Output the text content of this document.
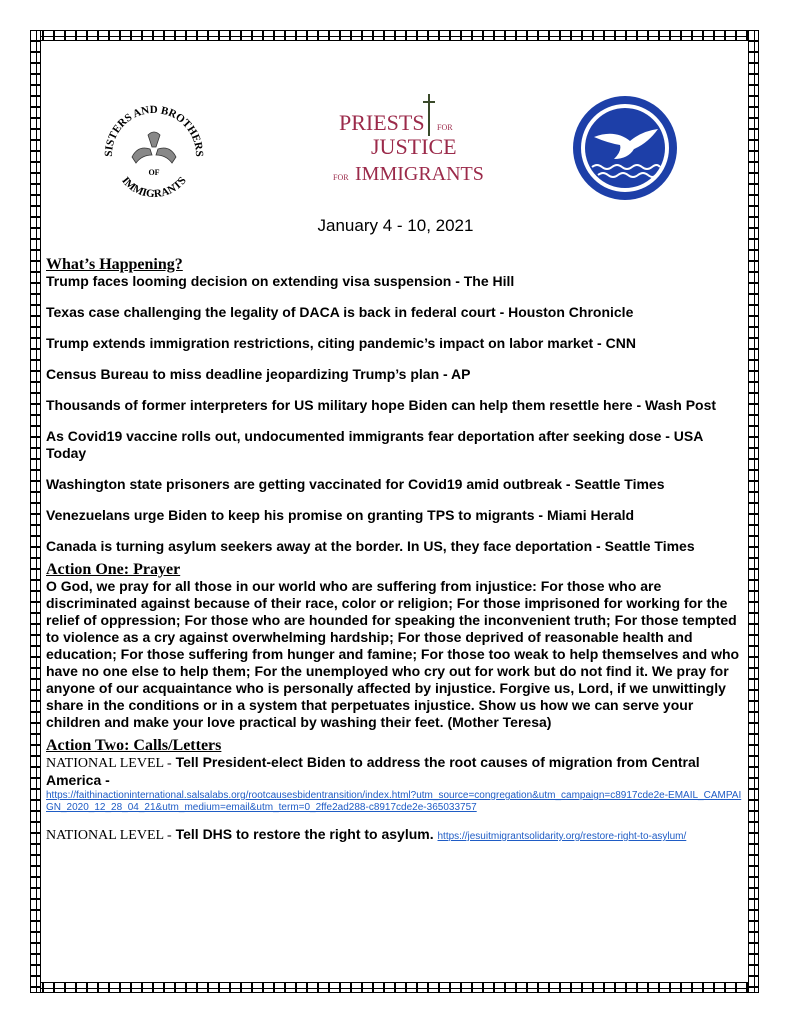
SISTERS AND BROTHERS
IMMIGRANTS
OF
PRIESTS FOR
JUSTICE
FOR IMMIGRANTS
January 4 - 10, 2021
What’s Happening?

Trump faces looming decision on extending visa suspension - The Hill

Texas case challenging the legality of DACA is back in federal court - Houston Chronicle

Trump extends immigration restrictions, citing pandemic’s impact on labor market - CNN

Census Bureau to miss deadline jeopardizing Trump’s plan - AP

Thousands of former interpreters for US military hope Biden can help them resettle here - Wash Post

As Covid19 vaccine rolls out, undocumented immigrants fear deportation after seeking dose - USA Today

Washington state prisoners are getting vaccinated for Covid19 amid outbreak - Seattle Times

Venezuelans urge Biden to keep his promise on granting TPS to migrants - Miami Herald

Canada is turning asylum seekers away at the border. In US, they face deportation - Seattle Times

Action One: Prayer

O God, we pray for all those in our world who are suffering from injustice: For those who are discriminated against because of their race, color or religion; For those imprisoned for working for the relief of oppression; For those who are hounded for speaking the inconvenient truth; For those tempted to violence as a cry against overwhelming hardship; For those deprived of reasonable health and education; For those suffering from hunger and famine; For those too weak to help themselves and who have no one else to help them; For the unemployed who cry out for work but do not find it. We pray for anyone of our acquaintance who is personally affected by injustice. Forgive us, Lord, if we unwittingly share in the conditions or in a system that perpetuates injustice. Show us how we can serve your children and make your love practical by washing their feet. (Mother Teresa)

Action Two: Calls/Letters

NATIONAL LEVEL - Tell President-elect Biden to address the root causes of migration from Central America -
https://faithinactioninternational.salsalabs.org/rootcausesbidentransition/index.html?utm_source=congregation&utm_campaign=c8917cde2e-EMAIL_CAMPAIGN_2020_12_28_04_21&utm_medium=email&utm_term=0_2ffe2ad288-c8917cde2e-365033757

NATIONAL LEVEL - Tell DHS to restore the right to asylum. https://jesuitmigrantsolidarity.org/restore-right-to-asylum/
